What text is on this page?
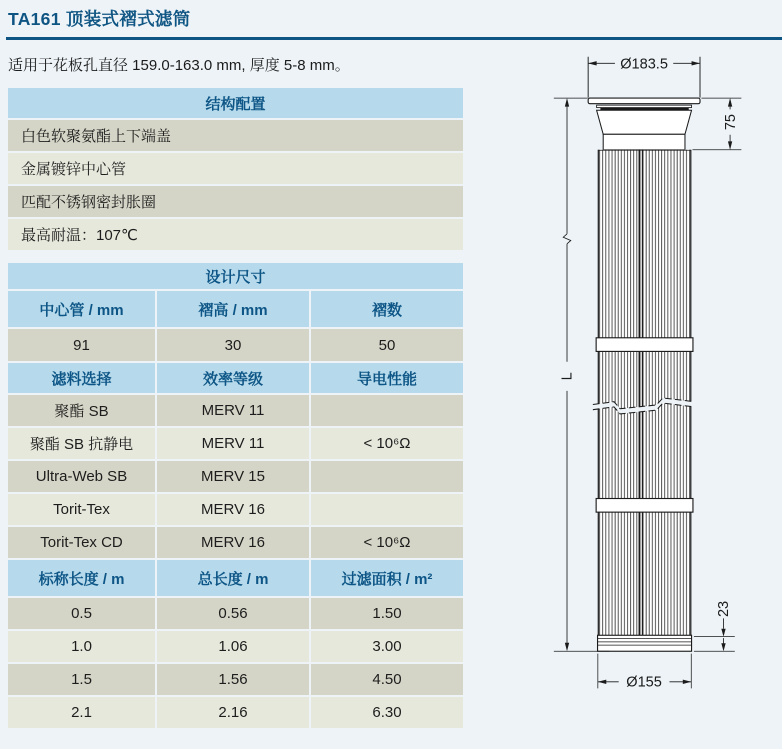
TA161 顶装式褶式滤筒
适用于花板孔直径 159.0-163.0 mm, 厚度 5-8 mm。
结构配置
白色软聚氨酯上下端盖
金属镀锌中心管
匹配不锈钢密封胀圈
最高耐温：107℃
设计尺寸
中心管 / mm	褶高 / mm	褶数
91	30	50
滤料选择	效率等级	导电性能
聚酯 SB	MERV 11
聚酯 SB 抗静电	MERV 11	< 10⁶Ω
Ultra-Web SB	MERV 15
Torit-Tex	MERV 16
Torit-Tex CD	MERV 16	< 10⁶Ω
标称长度 / m	总长度 / m	过滤面积 / m²
0.5	0.56	1.50
1.0	1.06	3.00
1.5	1.56	4.50
2.1	2.16	6.30
Ø183.5
L
75
23
Ø155
